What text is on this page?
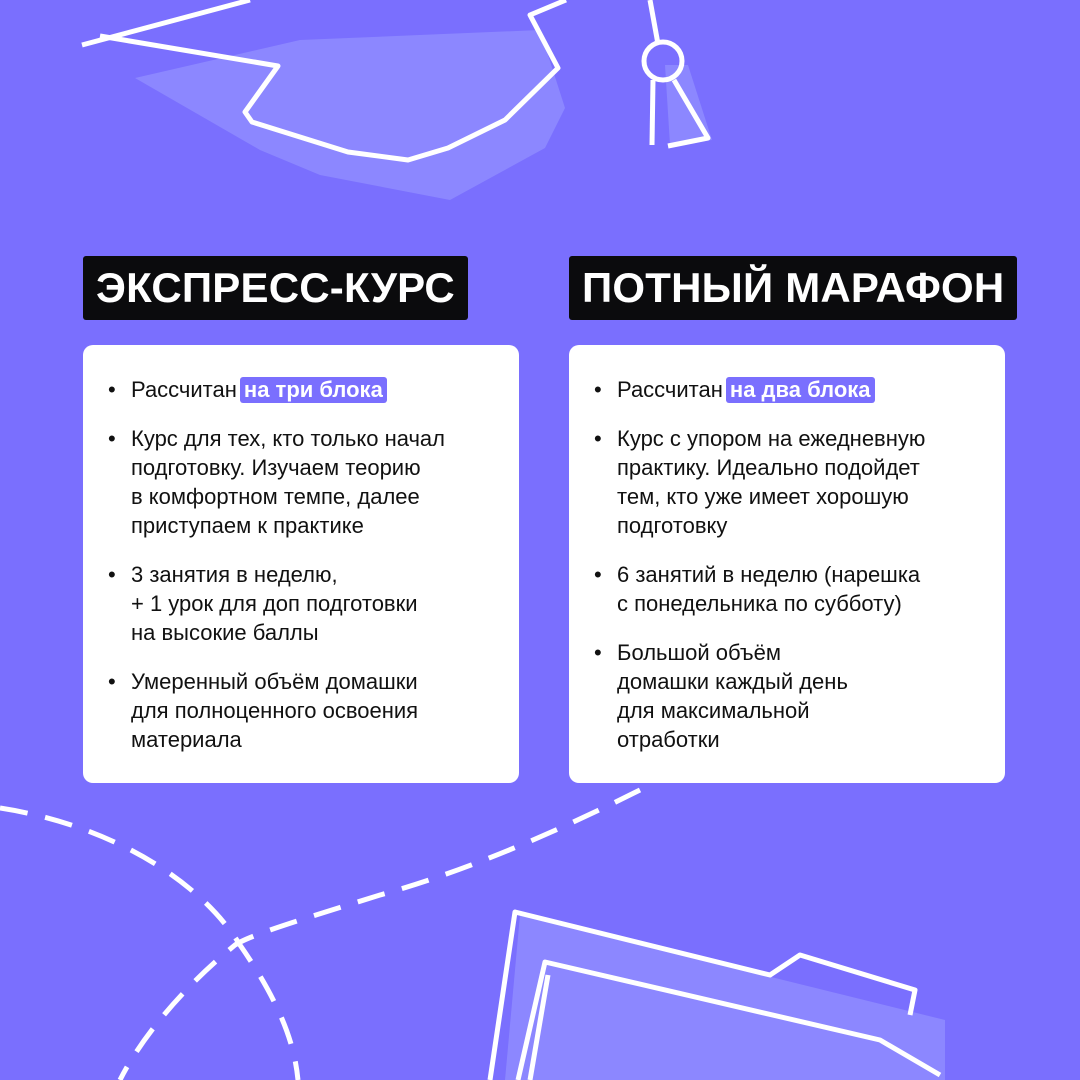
ЭКСПРЕСС-КУРС
• Рассчитан на три блока
• Курс для тех, кто только начал
подготовку. Изучаем теорию
в комфортном темпе, далее
приступаем к практике
• 3 занятия в неделю,
+ 1 урок для доп подготовки
на высокие баллы
• Умеренный объём домашки
для полноценного освоения
материала
ПОТНЫЙ МАРАФОН
• Рассчитан на два блока
• Курс с упором на ежедневную
практику. Идеально подойдет
тем, кто уже имеет хорошую
подготовку
• 6 занятий в неделю (нарешка
с понедельника по субботу)
• Большой объём
домашки каждый день
для максимальной
отработки
